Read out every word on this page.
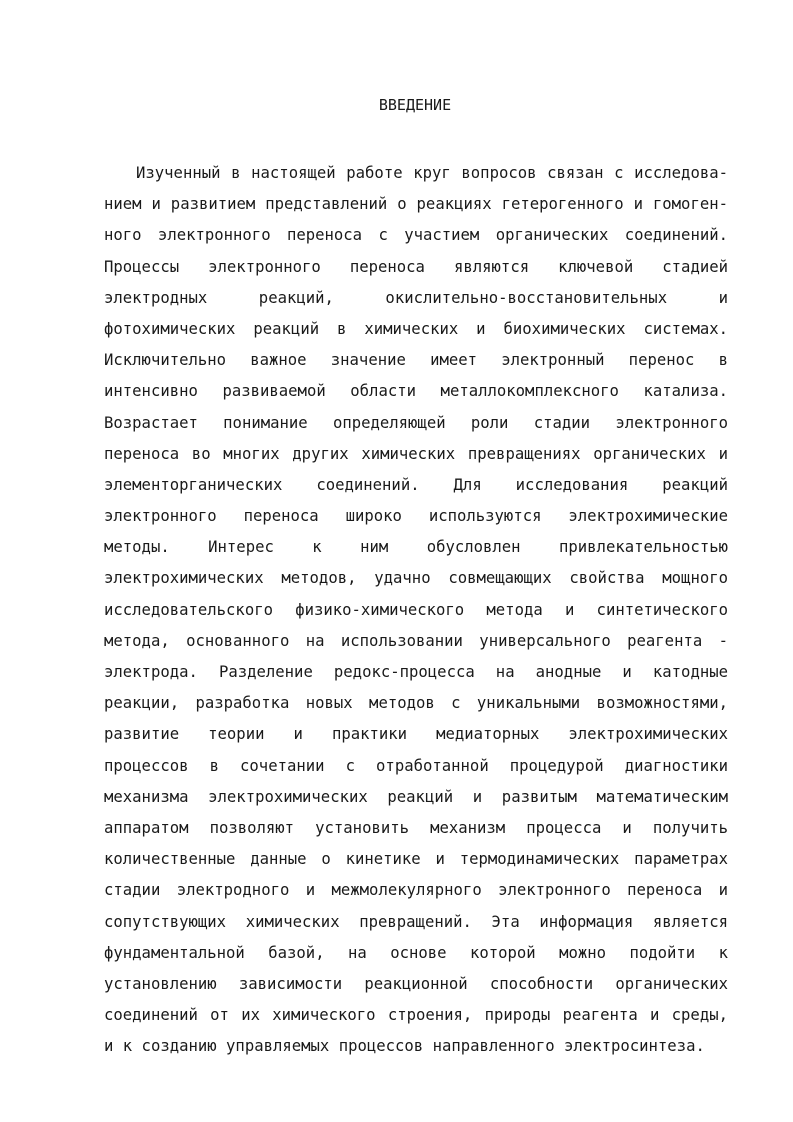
ВВЕДЕНИЕ
Изученный в настоящей работе круг вопросов связан с исследова-
нием и развитием представлений о реакциях гетерогенного и гомоген-
ного электронного переноса с участием органических соединений.
Процессы электронного переноса являются ключевой стадией
электродных реакций, окислительно-восстановительных и
фотохимических реакций в химических и биохимических системах.
Исключительно важное значение имеет электронный перенос в
интенсивно развиваемой области металлокомплексного катализа.
Возрастает понимание определяющей роли стадии электронного
переноса во многих других химических превращениях органических и
элементорганических соединений. Для исследования реакций
электронного переноса широко используются электрохимические
методы. Интерес к ним обусловлен привлекательностью
электрохимических методов, удачно совмещающих свойства мощного
исследовательского физико-химического метода и синтетического
метода, основанного на использовании универсального реагента -
электрода. Разделение редокс-процесса на анодные и катодные
реакции, разработка новых методов с уникальными возможностями,
развитие теории и практики медиаторных электрохимических
процессов в сочетании с отработанной процедурой диагностики
механизма электрохимических реакций и развитым математическим
аппаратом позволяют установить механизм процесса и получить
количественные данные о кинетике и термодинамических параметрах
стадии электродного и межмолекулярного электронного переноса и
сопутствующих химических превращений. Эта информация является
фундаментальной базой, на основе которой можно подойти к
установлению зависимости реакционной способности органических
соединений от их химического строения, природы реагента и среды,
и к созданию управляемых процессов направленного электросинтеза.
